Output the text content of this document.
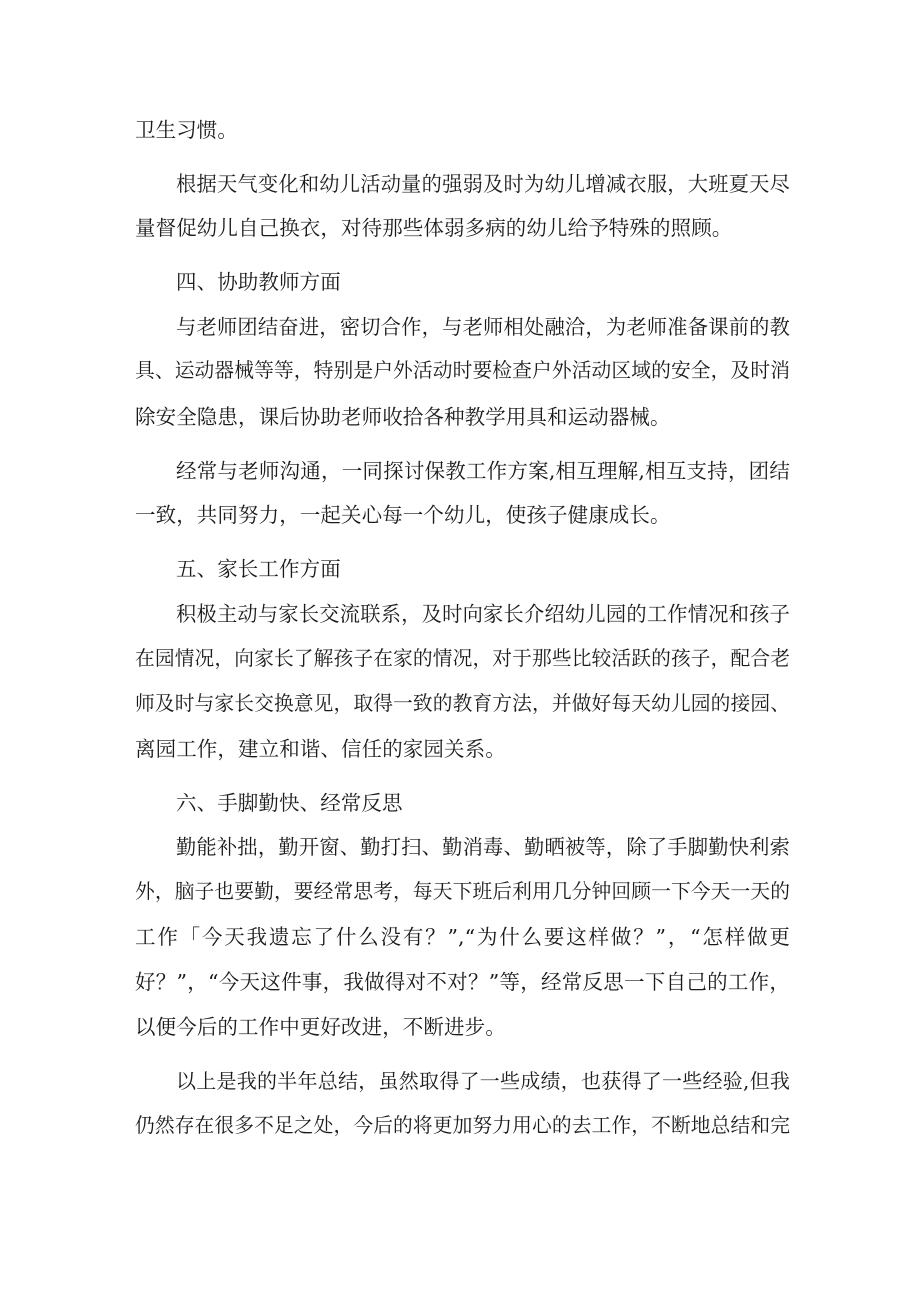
卫生习惯。
根据天气变化和幼儿活动量的强弱及时为幼儿增减衣服，大班夏天尽
量督促幼儿自己换衣，对待那些体弱多病的幼儿给予特殊的照顾。
四、协助教师方面
与老师团结奋进，密切合作，与老师相处融洽，为老师准备课前的教
具、运动器械等等，特别是户外活动时要检查户外活动区域的安全，及时消
除安全隐患，课后协助老师收拾各种教学用具和运动器械。
经常与老师沟通，一同探讨保教工作方案,相互理解,相互支持，团结
一致，共同努力，一起关心每一个幼儿，使孩子健康成长。
五、家长工作方面
积极主动与家长交流联系，及时向家长介绍幼儿园的工作情况和孩子
在园情况，向家长了解孩子在家的情况，对于那些比较活跃的孩子，配合老
师及时与家长交换意见，取得一致的教育方法，并做好每天幼儿园的接园、
离园工作，建立和谐、信任的家园关系。
六、手脚勤快、经常反思
勤能补拙，勤开窗、勤打扫、勤消毒、勤晒被等，除了手脚勤快利索
外，脑子也要勤，要经常思考，每天下班后利用几分钟回顾一下今天一天的
工作「今天我遗忘了什么没有？”,“为什么要这样做？”，“怎样做更
好？”，“今天这件事，我做得对不对？”等，经常反思一下自己的工作，
以便今后的工作中更好改进，不断进步。
以上是我的半年总结，虽然取得了一些成绩，也获得了一些经验,但我
仍然存在很多不足之处，今后的将更加努力用心的去工作，不断地总结和完
